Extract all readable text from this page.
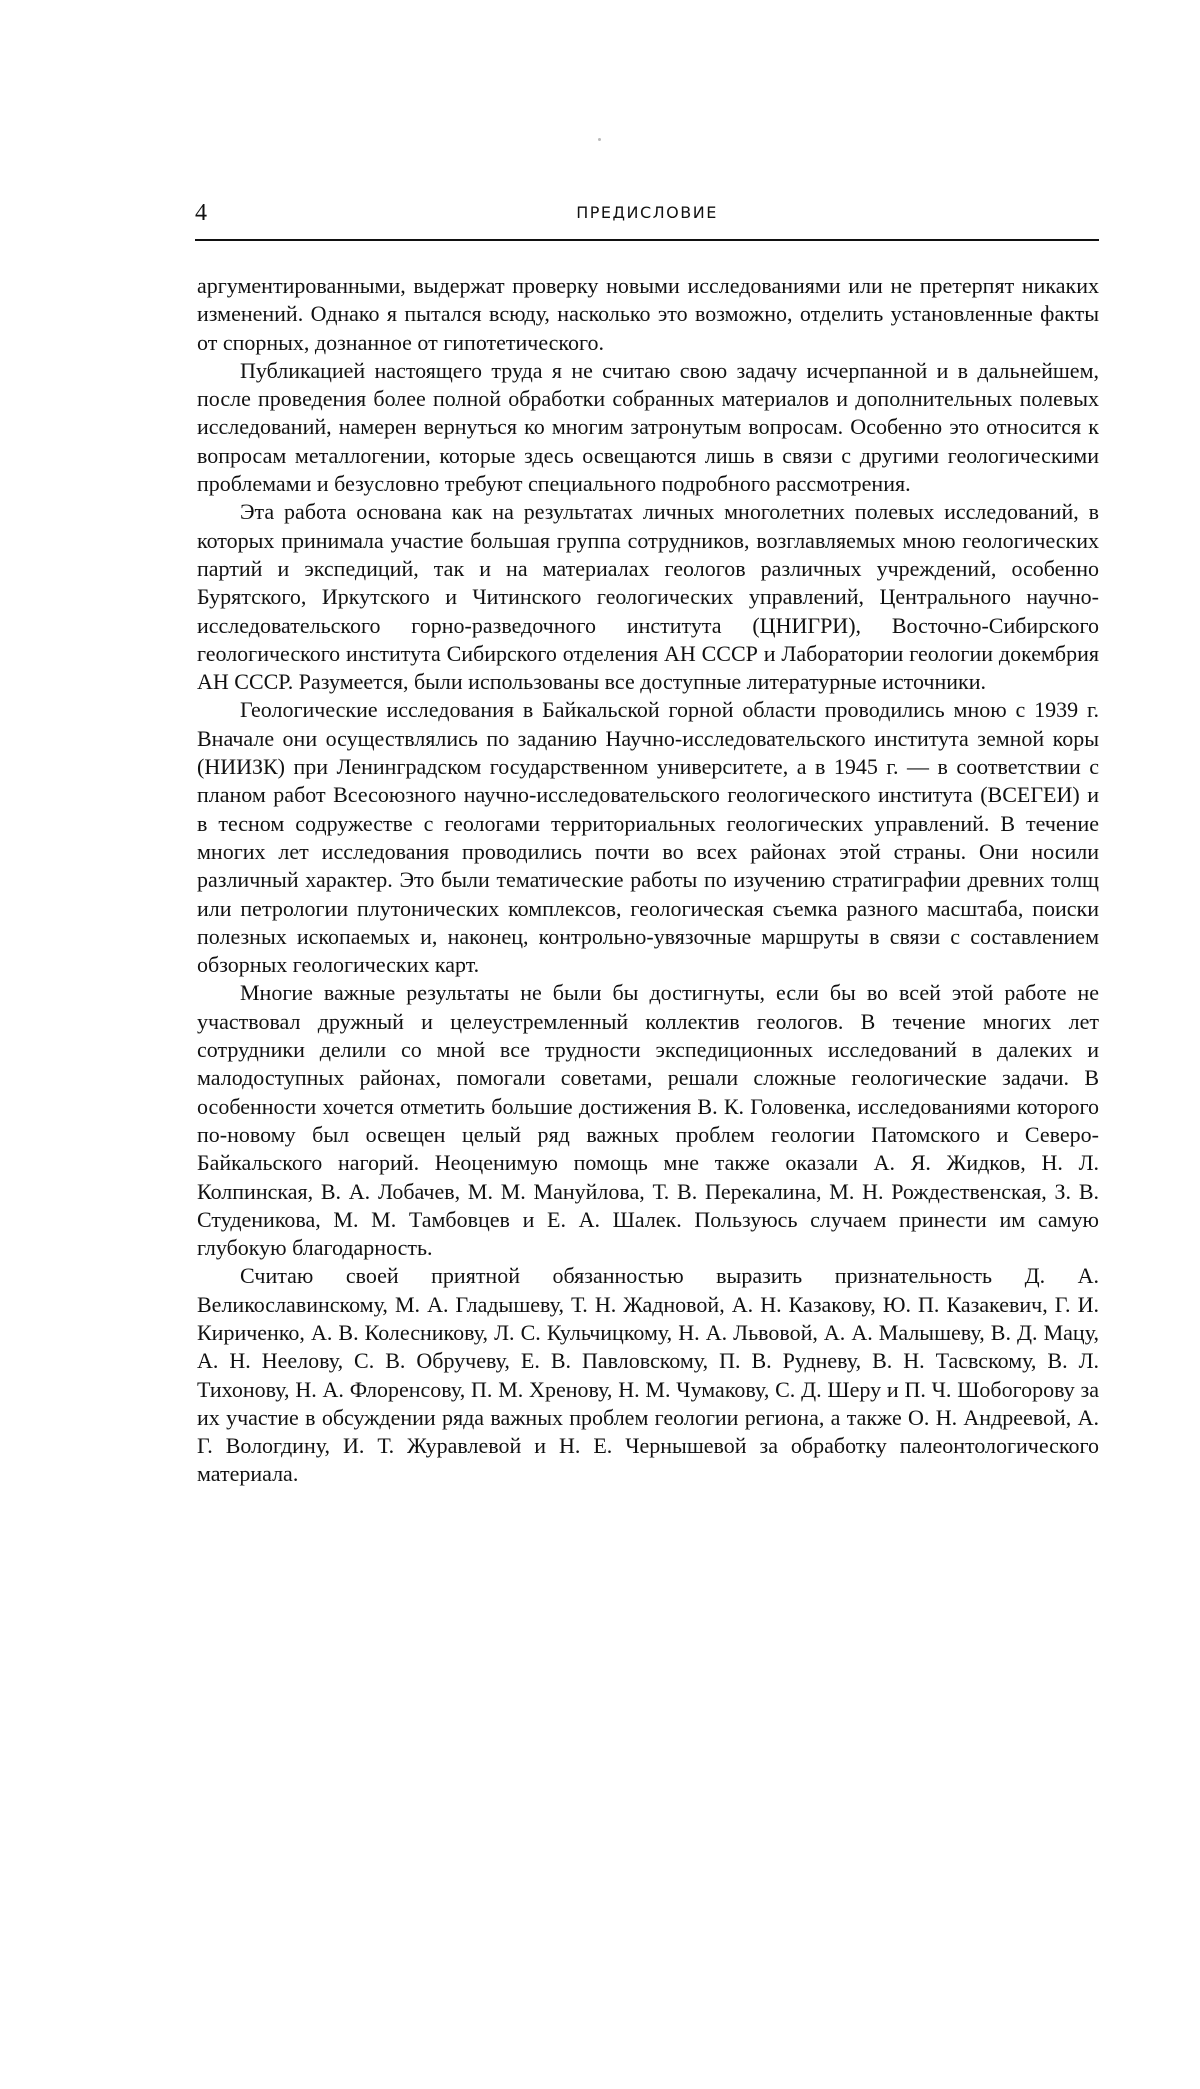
4	ПРЕДИСЛОВИЕ

аргументированными, выдержат проверку новыми исследованиями или не претерпят никаких изменений. Однако я пытался всюду, насколько это возможно, отделить установленные факты от спорных, дознанное от гипотетического.

Публикацией настоящего труда я не считаю свою задачу исчерпанной и в дальнейшем, после проведения более полной обработки собранных материалов и дополнительных полевых исследований, намерен вернуться ко многим затронутым вопросам. Особенно это относится к вопросам металлогении, которые здесь освещаются лишь в связи с другими геологическими проблемами и безусловно требуют специального подробного рассмотрения.

Эта работа основана как на результатах личных многолетних полевых исследований, в которых принимала участие большая группа сотрудников, возглавляемых мною геологических партий и экспедиций, так и на материалах геологов различных учреждений, особенно Бурятского, Иркутского и Читинского геологических управлений, Центрального научно-исследовательского горно-разведочного института (ЦНИГРИ), Восточно-Сибирского геологического института Сибирского отделения АН СССР и Лаборатории геологии докембрия АН СССР. Разумеется, были использованы все доступные литературные источники.

Геологические исследования в Байкальской горной области проводились мною с 1939 г. Вначале они осуществлялись по заданию Научно-исследовательского института земной коры (НИИЗК) при Ленинградском государственном университете, а в 1945 г. — в соответствии с планом работ Всесоюзного научно-исследовательского геологического института (ВСЕГЕИ) и в тесном содружестве с геологами территориальных геологических управлений. В течение многих лет исследования проводились почти во всех районах этой страны. Они носили различный характер. Это были тематические работы по изучению стратиграфии древних толщ или петрологии плутонических комплексов, геологическая съемка разного масштаба, поиски полезных ископаемых и, наконец, контрольно-увязочные маршруты в связи с составлением обзорных геологических карт.

Многие важные результаты не были бы достигнуты, если бы во всей этой работе не участвовал дружный и целеустремленный коллектив геологов. В течение многих лет сотрудники делили со мной все трудности экспедиционных исследований в далеких и малодоступных районах, помогали советами, решали сложные геологические задачи. В особенности хочется отметить большие достижения В. К. Головенка, исследованиями которого по-новому был освещен целый ряд важных проблем геологии Патомского и Северо-Байкальского нагорий. Неоценимую помощь мне также оказали А. Я. Жидков, Н. Л. Колпинская, В. А. Лобачев, М. М. Мануйлова, Т. В. Перекалина, М. Н. Рождественская, З. В. Студеникова, М. М. Тамбовцев и Е. А. Шалек. Пользуюсь случаем принести им самую глубокую благодарность.

Считаю своей приятной обязанностью выразить признательность Д. А. Великославинскому, М. А. Гладышеву, Т. Н. Жадновой, А. Н. Казакову, Ю. П. Казакевич, Г. И. Кириченко, А. В. Колесникову, Л. С. Кульчицкому, Н. А. Львовой, А. А. Малышеву, В. Д. Мацу, А. Н. Неелову, С. В. Обручеву, Е. В. Павловскому, П. В. Рудневу, В. Н. Тасвскому, В. Л. Тихонову, Н. А. Флоренсову, П. М. Хренову, Н. М. Чумакову, С. Д. Шеру и П. Ч. Шобогорову за их участие в обсуждении ряда важных проблем геологии региона, а также О. Н. Андреевой, А. Г. Вологдину, И. Т. Журавлевой и Н. Е. Чернышевой за обработку палеонтологического материала.
